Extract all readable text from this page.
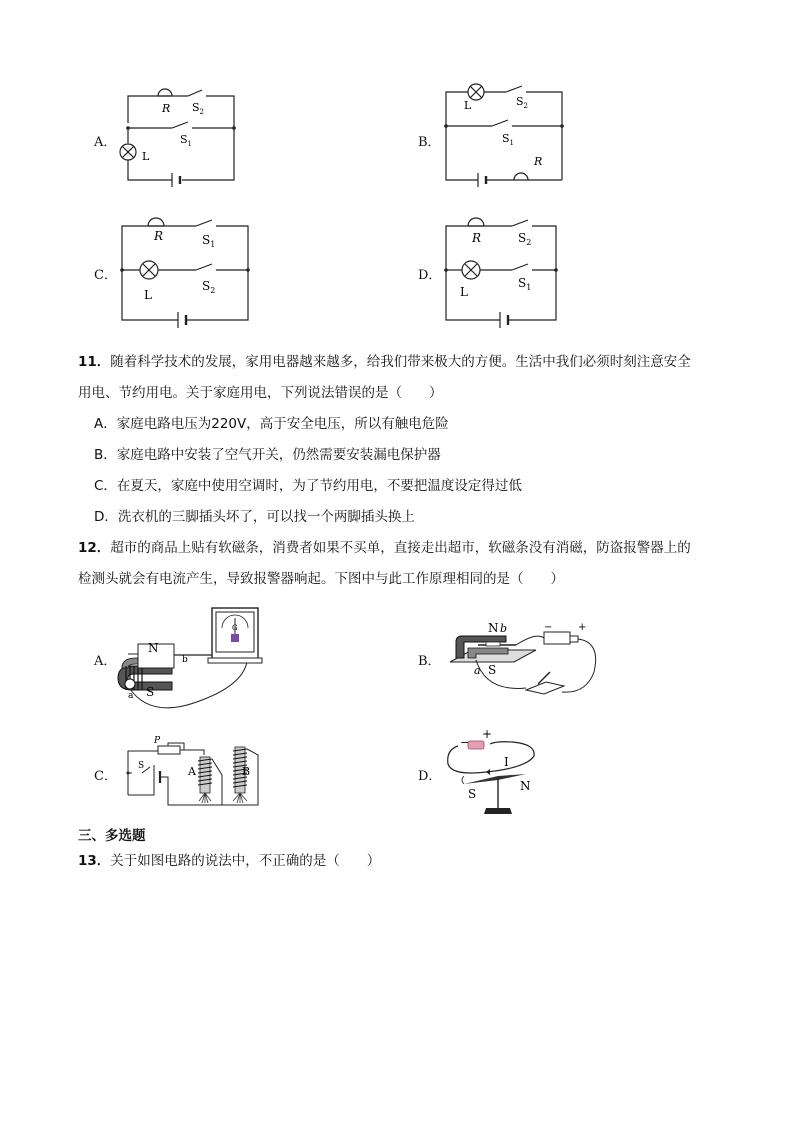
A．
R $S_2$
$S_1$
L
B．
L	$S_2$
$S_1$
R
C．
R	$S_1$
L
$S_2$
D．
R	$S_2$
L
$S_1$
11．随着科学技术的发展，家用电器越来越多，给我们带来极大的方便。生活中我们必须时刻注意安全
用电、节约用电。关于家庭用电，下列说法错误的是（　　）
A．家庭电路电压为220V，高于安全电压，所以有触电危险
B．家庭电路中安装了空气开关，仍然需要安装漏电保护器
C．在夏天，家庭中使用空调时，为了节约用电，不要把温度设定得过低
D．洗衣机的三脚插头坏了，可以找一个两脚插头换上
12．超市的商品上贴有软磁条，消费者如果不买单，直接走出超市，软磁条没有消磁，防盗报警器上的
检测头就会有电流产生，导致报警器响起。下图中与此工作原理相同的是（　　）
A．
G
N
S
a
b	B．
−	+
N b
S
a
C．
P
S	A	B	D．
−
+
I
S
N
三、多选题
13．关于如图电路的说法中，不正确的是（　　）
